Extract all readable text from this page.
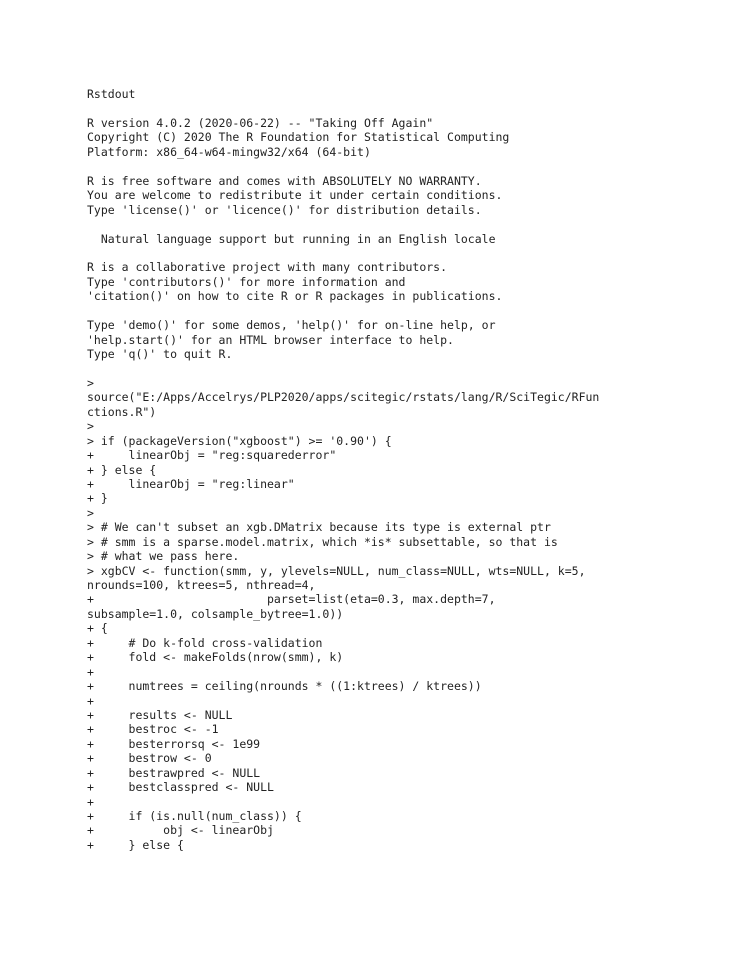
Rstdout
R version 4.0.2 (2020-06-22) -- "Taking Off Again"
Copyright (C) 2020 The R Foundation for Statistical Computing
Platform: x86_64-w64-mingw32/x64 (64-bit)
R is free software and comes with ABSOLUTELY NO WARRANTY.
You are welcome to redistribute it under certain conditions.
Type 'license()' or 'licence()' for distribution details.
Natural language support but running in an English locale
R is a collaborative project with many contributors.
Type 'contributors()' for more information and
'citation()' on how to cite R or R packages in publications.
Type 'demo()' for some demos, 'help()' for on-line help, or
'help.start()' for an HTML browser interface to help.
Type 'q()' to quit R.
>
source("E:/Apps/Accelrys/PLP2020/apps/scitegic/rstats/lang/R/SciTegic/RFun
ctions.R")
>
> if (packageVersion("xgboost") >= '0.90') {
+     linearObj = "reg:squarederror"
+ } else {
+     linearObj = "reg:linear"
+ }
>
> # We can't subset an xgb.DMatrix because its type is external ptr
> # smm is a sparse.model.matrix, which *is* subsettable, so that is
> # what we pass here.
> xgbCV <- function(smm, y, ylevels=NULL, num_class=NULL, wts=NULL, k=5,
nrounds=100, ktrees=5, nthread=4,
+                         parset=list(eta=0.3, max.depth=7,
subsample=1.0, colsample_bytree=1.0))
+ {
+     # Do k-fold cross-validation
+     fold <- makeFolds(nrow(smm), k)
+
+     numtrees = ceiling(nrounds * ((1:ktrees) / ktrees))
+
+     results <- NULL
+     bestroc <- -1
+     besterrorsq <- 1e99
+     bestrow <- 0
+     bestrawpred <- NULL
+     bestclasspred <- NULL
+
+     if (is.null(num_class)) {
+          obj <- linearObj
+     } else {
